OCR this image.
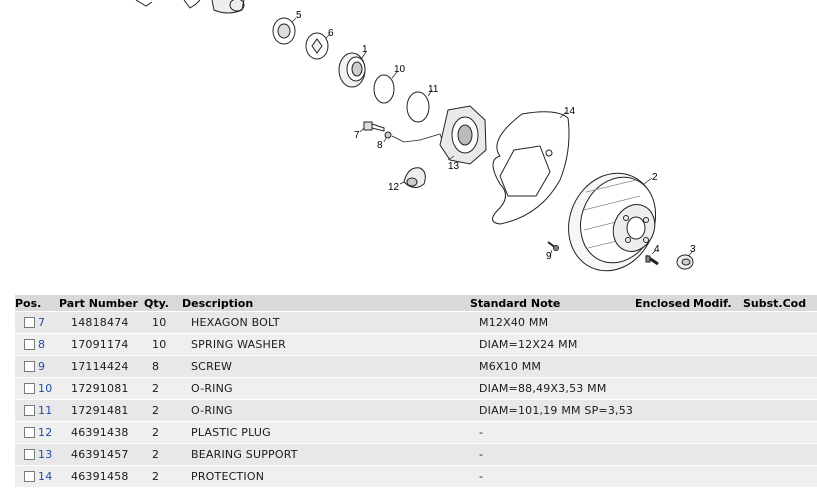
5
6
1
10
11
7
8
13
12
14
2
9
4	3
Pos.	Part Number	Qty.	Description	Standard Note	Enclosed	Modif.	Subst.Cod
7	14818474	10	HEXAGON BOLT	M12X40 MM			
8	17091174	10	SPRING WASHER	DIAM=12X24 MM			
9	17114424	8	SCREW	M6X10 MM			
10	17291081	2	O-RING	DIAM=88,49X3,53 MM			
11	17291481	2	O-RING	DIAM=101,19 MM SP=3,53			
12	46391438	2	PLASTIC PLUG	-			
13	46391457	2	BEARING SUPPORT	-			
14	46391458	2	PROTECTION	-			
